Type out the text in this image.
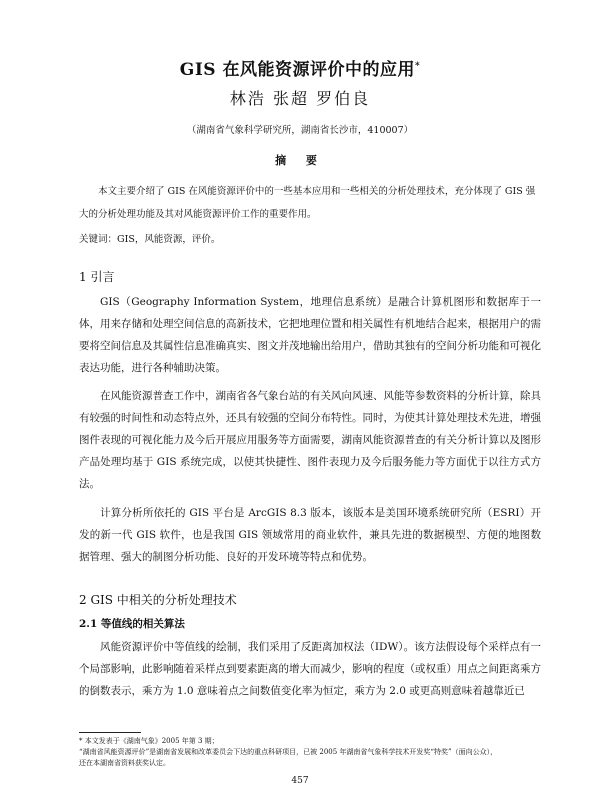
GIS 在风能资源评价中的应用*
林浩 张超 罗伯良
（湖南省气象科学研究所，湖南省长沙市，410007）
摘 要
本文主要介绍了 GIS 在风能资源评价中的一些基本应用和一些相关的分析处理技术，充分体现了 GIS 强大的分析处理功能及其对风能资源评价工作的重要作用。
关键词：GIS，风能资源，评价。
1 引言
GIS（Geography Information System，地理信息系统）是融合计算机图形和数据库于一体，用来存储和处理空间信息的高新技术，它把地理位置和相关属性有机地结合起来，根据用户的需要将空间信息及其属性信息准确真实、图文并茂地输出给用户，借助其独有的空间分析功能和可视化表达功能，进行各种辅助决策。
在风能资源普查工作中，湖南省各气象台站的有关风向风速、风能等参数资料的分析计算，除具有较强的时间性和动态特点外，还具有较强的空间分布特性。同时，为使其计算处理技术先进，增强图件表现的可视化能力及今后开展应用服务等方面需要，湖南风能资源普查的有关分析计算以及图形产品处理均基于 GIS 系统完成，以使其快捷性、图件表现力及今后服务能力等方面优于以往方式方法。
计算分析所依托的 GIS 平台是 ArcGIS 8.3 版本，该版本是美国环境系统研究所（ESRI）开发的新一代 GIS 软件，也是我国 GIS 领域常用的商业软件，兼具先进的数据模型、方便的地图数据管理、强大的制图分析功能、良好的开发环境等特点和优势。
2 GIS 中相关的分析处理技术
2.1 等值线的相关算法
风能资源评价中等值线的绘制，我们采用了反距离加权法（IDW）。该方法假设每个采样点有一个局部影响，此影响随着采样点到要素距离的增大而减少，影响的程度（或权重）用点之间距离乘方的倒数表示，乘方为 1.0 意味着点之间数值变化率为恒定，乘方为 2.0 或更高则意味着越靠近已
* 本文发表于《湖南气象》2005 年第 3 期；
“湖南省风能资源评价”是湖南省发展和改革委员会下达的重点科研项目，已被 2005 年湖南省气象科学技术开发奖“特奖”（面向公众），
还在本湖南省资料获奖认定。
457
